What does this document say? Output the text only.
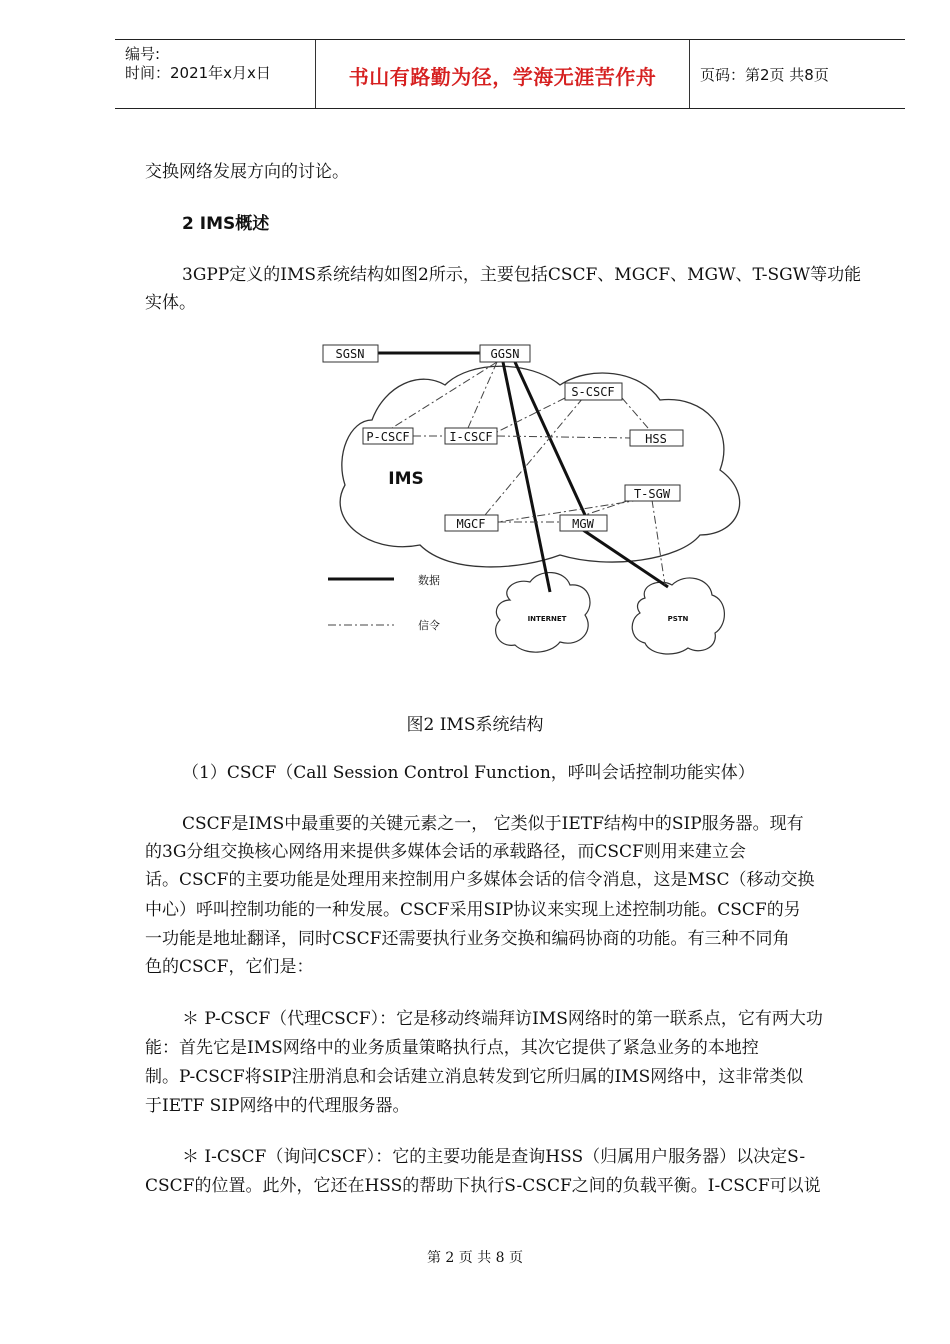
编号:
时间：2021年x月x日	书山有路勤为径，学海无涯苦作舟	页码：第2页 共8页
交换网络发展方向的讨论。
2 IMS概述
3GPP定义的IMS系统结构如图2所示，主要包括CSCF、MGCF、MGW、T-SGW等功能
实体。
SGSN	GGSN
S-CSCF
P-CSCF	I-CSCF	HSS
T-SGW
MGCF	MGW
IMS
INTERNET	PSTN
数据
信令
图2 IMS系统结构
（1）CSCF（Call Session Control Function，呼叫会话控制功能实体）
CSCF是IMS中最重要的关键元素之一， 它类似于IETF结构中的SIP服务器。现有
的3G分组交换核心网络用来提供多媒体会话的承载路径，而CSCF则用来建立会
话。CSCF的主要功能是处理用来控制用户多媒体会话的信令消息，这是MSC（移动交换
中心）呼叫控制功能的一种发展。CSCF采用SIP协议来实现上述控制功能。CSCF的另
一功能是地址翻译，同时CSCF还需要执行业务交换和编码协商的功能。有三种不同角
色的CSCF，它们是：
＊ P-CSCF（代理CSCF）：它是移动终端拜访IMS网络时的第一联系点，它有两大功
能：首先它是IMS网络中的业务质量策略执行点，其次它提供了紧急业务的本地控
制。P-CSCF将SIP注册消息和会话建立消息转发到它所归属的IMS网络中，这非常类似
于IETF SIP网络中的代理服务器。
＊ I-CSCF（询问CSCF）：它的主要功能是查询HSS（归属用户服务器）以决定S-
CSCF的位置。此外，它还在HSS的帮助下执行S-CSCF之间的负载平衡。I-CSCF可以说
第 2 页 共 8 页
